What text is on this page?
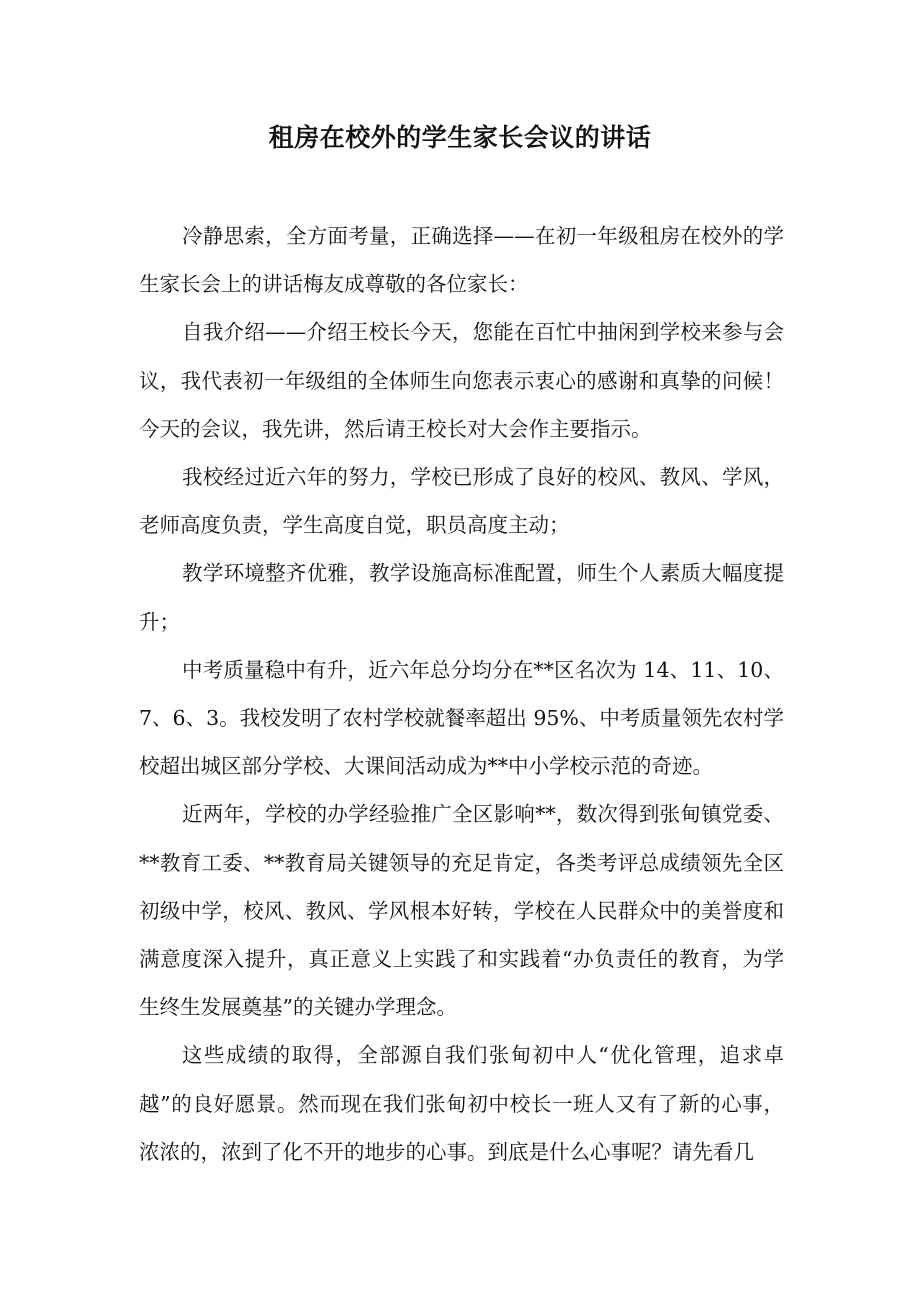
租房在校外的学生家长会议的讲话

冷静思索，全方面考量，正确选择——在初一年级租房在校外的学生家长会上的讲话梅友成尊敬的各位家长：

自我介绍——介绍王校长今天，您能在百忙中抽闲到学校来参与会议，我代表初一年级组的全体师生向您表示衷心的感谢和真挚的问候！今天的会议，我先讲，然后请王校长对大会作主要指示。

我校经过近六年的努力，学校已形成了良好的校风、教风、学风，老师高度负责，学生高度自觉，职员高度主动；

教学环境整齐优雅，教学设施高标准配置，师生个人素质大幅度提升；

中考质量稳中有升，近六年总分均分在**区名次为 14、11、10、7、6、3。我校发明了农村学校就餐率超出 95%、中考质量领先农村学校超出城区部分学校、大课间活动成为**中小学校示范的奇迹。

近两年，学校的办学经验推广全区影响**，数次得到张甸镇党委、**教育工委、**教育局关键领导的充足肯定，各类考评总成绩领先全区初级中学，校风、教风、学风根本好转，学校在人民群众中的美誉度和满意度深入提升，真正意义上实践了和实践着“办负责任的教育，为学生终生发展奠基”的关键办学理念。

这些成绩的取得，全部源自我们张甸初中人“优化管理，追求卓越”的良好愿景。然而现在我们张甸初中校长一班人又有了新的心事，浓浓的，浓到了化不开的地步的心事。到底是什么心事呢？请先看几
